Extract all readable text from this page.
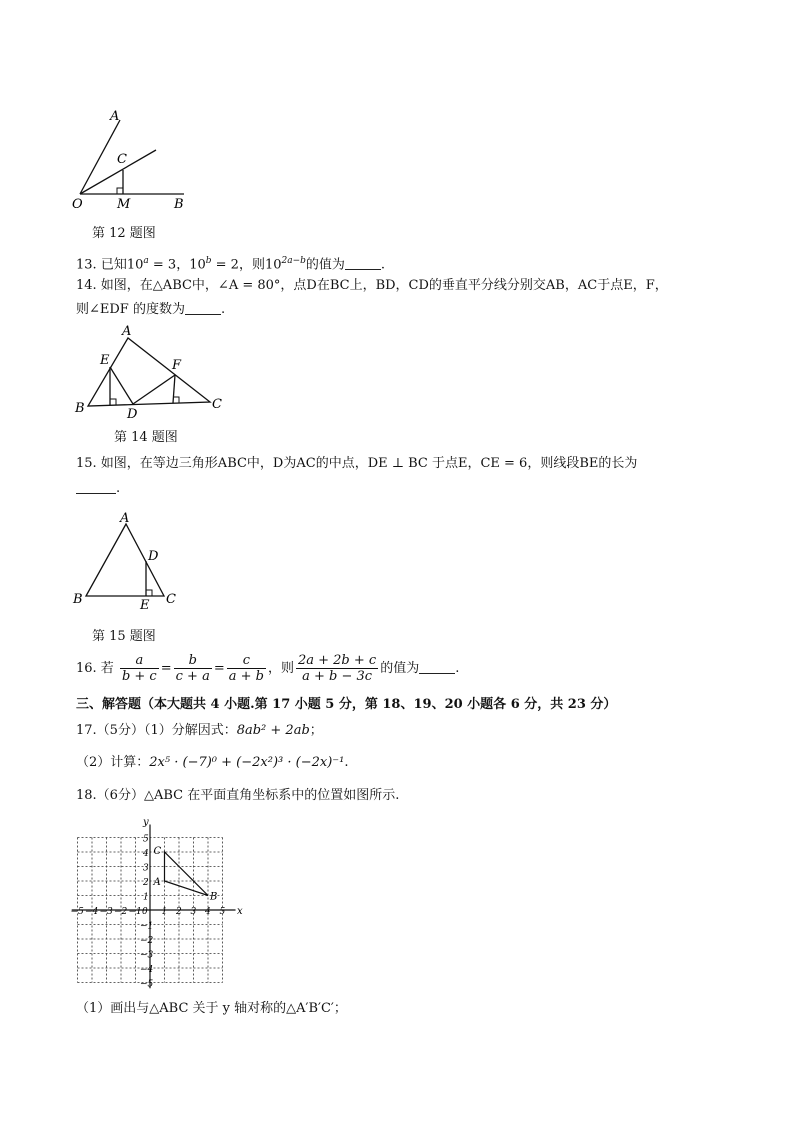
A
C
O	M	B
第 12 题图
13. 已知$10^a = 3$，$10^b = 2$，则$10^{2a-b}$的值为	.
14. 如图，在△ABC中，∠A = 80°，点D在BC上，BD，CD的垂直平分线分别交AB，AC于点E，F，
则∠EDF 的度数为	.
A
E	F
B	D
C
第 14 题图
15. 如图，在等边三角形ABC中，D为AC的中点，DE ⊥ BC 于点E，CE = 6，则线段BE的长为
.
A
D
B	E C
第 15 题图
16. 若 $\frac{a}{b + c} = \frac{b}{c + a} = \frac{c}{a + b}$ ，则 $\frac{2a + 2b + c}{a + b - 3c}$ 的值为	.
三、解答题（本大题共 4 小题.第 17 小题 5 分，第 18、19、20 小题各 6 分，共 23 分）
17.（5分）（1）分解因式：8ab² + 2ab；
（2）计算：2x⁵ · (−7)⁰ + (−2x²)³ · (−2x)⁻¹.
18.（6分）△ABC 在平面直角坐标系中的位置如图所示.
x
y
0
−5 −4 −3 −2 −1 1 2 3 4 5
1
2
3
4
5
−1
−2
−3
−4
−5
A
B
C
（1）画出与△ABC 关于 y 轴对称的△A′B′C′；
